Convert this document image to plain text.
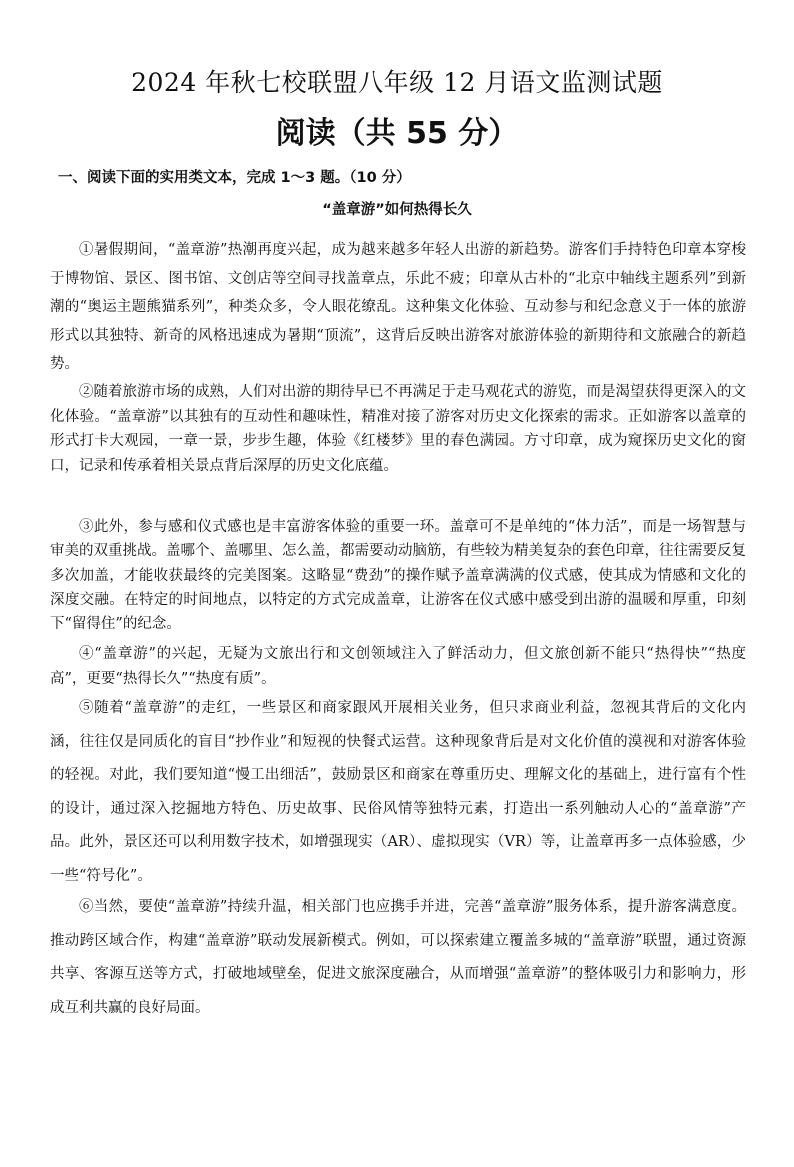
2024 年秋七校联盟八年级 12 月语文监测试题
阅读（共 55 分）
一、阅读下面的实用类文本，完成 1～3 题。（10 分）
“盖章游”如何热得长久

①暑假期间，“盖章游”热潮再度兴起，成为越来越多年轻人出游的新趋势。游客们手持特色印章本穿梭于博物馆、景区、图书馆、文创店等空间寻找盖章点，乐此不疲；印章从古朴的“北京中轴线主题系列”到新潮的“奥运主题熊猫系列”，种类众多，令人眼花缭乱。这种集文化体验、互动参与和纪念意义于一体的旅游形式以其独特、新奇的风格迅速成为暑期“顶流”，这背后反映出游客对旅游体验的新期待和文旅融合的新趋势。

②随着旅游市场的成熟，人们对出游的期待早已不再满足于走马观花式的游览，而是渴望获得更深入的文化体验。“盖章游”以其独有的互动性和趣味性，精准对接了游客对历史文化探索的需求。正如游客以盖章的形式打卡大观园，一章一景，步步生趣，体验《红楼梦》里的春色满园。方寸印章，成为窥探历史文化的窗口，记录和传承着相关景点背后深厚的历史文化底蕴。

③此外，参与感和仪式感也是丰富游客体验的重要一环。盖章可不是单纯的“体力活”，而是一场智慧与审美的双重挑战。盖哪个、盖哪里、怎么盖，都需要动动脑筋，有些较为精美复杂的套色印章，往往需要反复多次加盖，才能收获最终的完美图案。这略显“费劲”的操作赋予盖章满满的仪式感，使其成为情感和文化的深度交融。在特定的时间地点，以特定的方式完成盖章，让游客在仪式感中感受到出游的温暖和厚重，印刻下“留得住”的纪念。

④“盖章游”的兴起，无疑为文旅出行和文创领域注入了鲜活动力，但文旅创新不能只“热得快”“热度高”，更要“热得长久”“热度有质”。

⑤随着“盖章游”的走红，一些景区和商家跟风开展相关业务，但只求商业利益，忽视其背后的文化内涵，往往仅是同质化的盲目“抄作业”和短视的快餐式运营。这种现象背后是对文化价值的漠视和对游客体验的轻视。对此，我们要知道“慢工出细活”，鼓励景区和商家在尊重历史、理解文化的基础上，进行富有个性的设计，通过深入挖掘地方特色、历史故事、民俗风情等独特元素，打造出一系列触动人心的“盖章游”产品。此外，景区还可以利用数字技术，如增强现实（AR）、虚拟现实（VR）等，让盖章再多一点体验感，少一些“符号化”。

⑥当然，要使“盖章游”持续升温，相关部门也应携手并进，完善“盖章游”服务体系，提升游客满意度。推动跨区域合作，构建“盖章游”联动发展新模式。例如，可以探索建立覆盖多城的“盖章游”联盟，通过资源共享、客源互送等方式，打破地域壁垒，促进文旅深度融合，从而增强“盖章游”的整体吸引力和影响力，形成互利共赢的良好局面。
